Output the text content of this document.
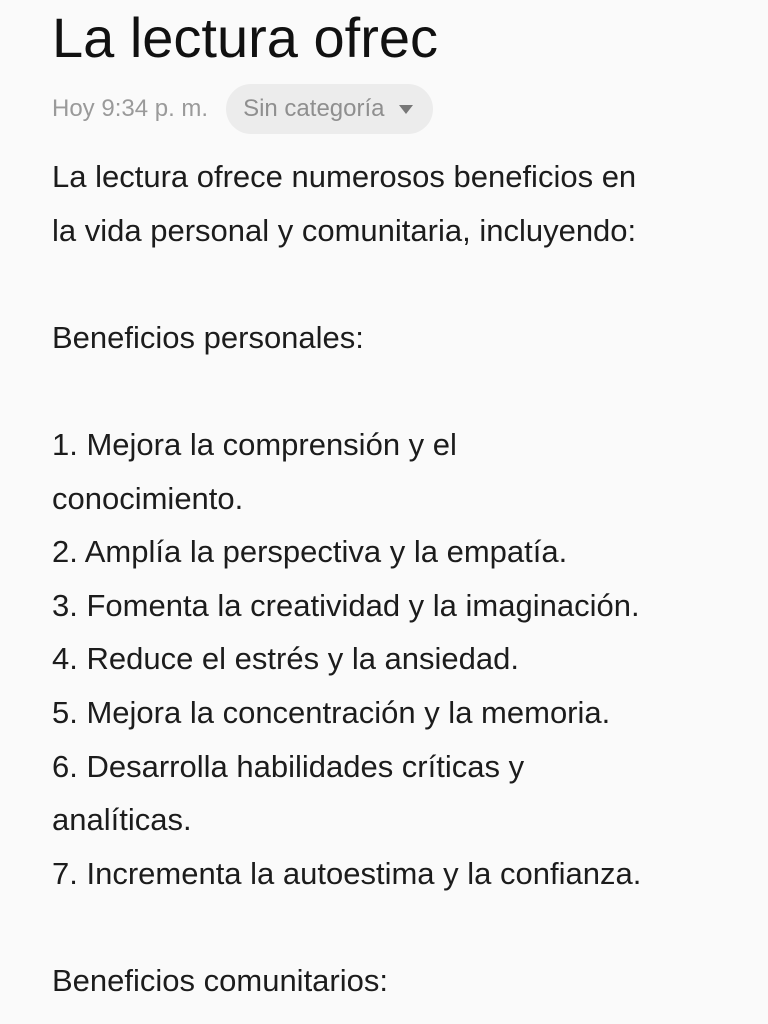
La lectura ofrec
Hoy 9:34 p. m. Sin categoría
La lectura ofrece numerosos beneficios en
la vida personal y comunitaria, incluyendo:
Beneficios personales:
1. Mejora la comprensión y el
conocimiento.
2. Amplía la perspectiva y la empatía.
3. Fomenta la creatividad y la imaginación.
4. Reduce el estrés y la ansiedad.
5. Mejora la concentración y la memoria.
6. Desarrolla habilidades críticas y
analíticas.
7. Incrementa la autoestima y la confianza.
Beneficios comunitarios:
